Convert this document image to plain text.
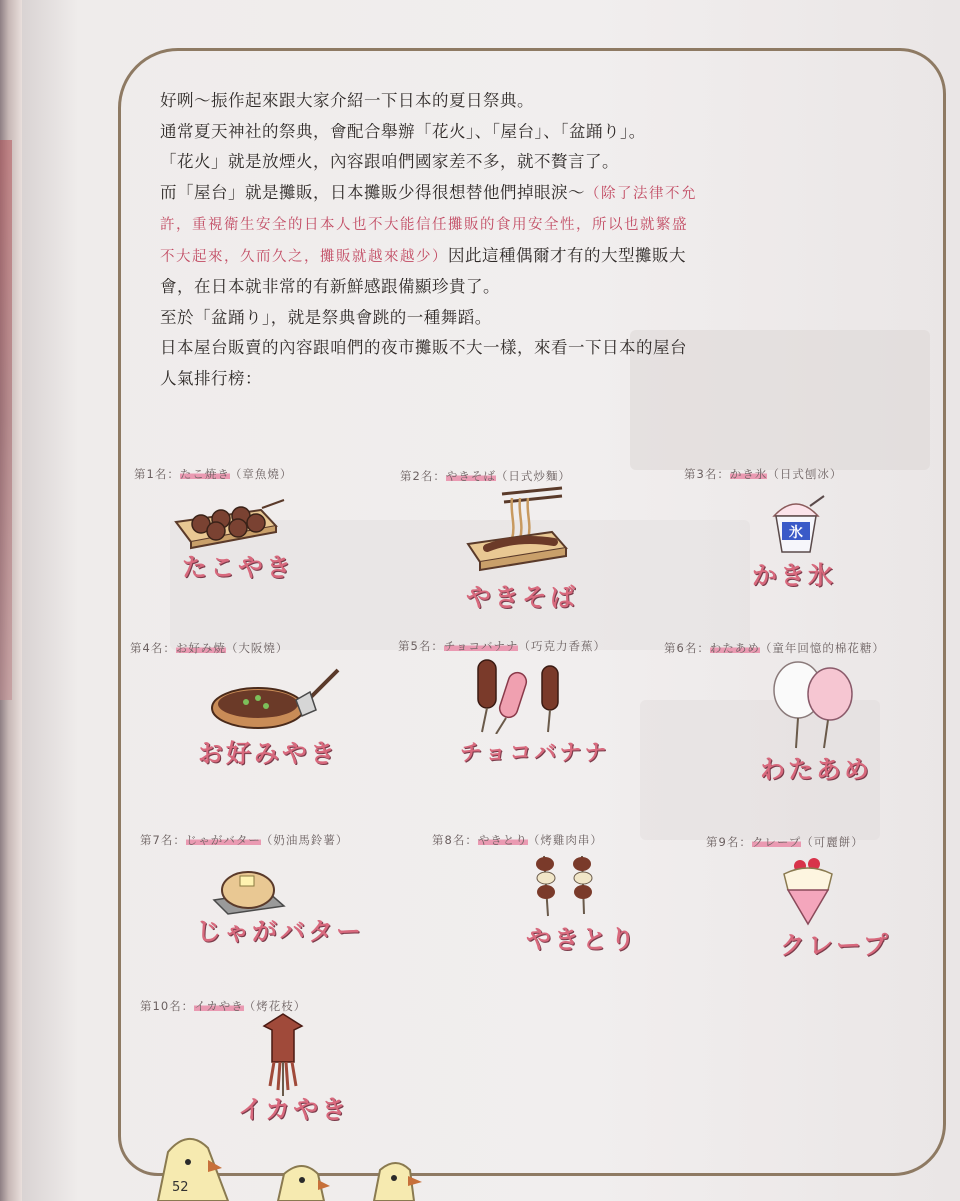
好咧～振作起來跟大家介紹一下日本的夏日祭典。

通常夏天神社的祭典，會配合舉辦「花火」、「屋台」、「盆踊り」。

「花火」就是放煙火，內容跟咱們國家差不多，就不贅言了。

而「屋台」就是攤販，日本攤販少得很想替他們掉眼淚～（除了法律不允許，重視衛生安全的日本人也不大能信任攤販的食用安全性，所以也就繁盛不大起來，久而久之，攤販就越來越少）因此這種偶爾才有的大型攤販大會，在日本就非常的有新鮮感跟備顯珍貴了。

至於「盆踊り」，就是祭典會跳的一種舞蹈。

日本屋台販賣的內容跟咱們的夜市攤販不大一樣，來看一下日本的屋台人氣排行榜：

第1名：たこ焼き（章魚燒）
たこやき
第2名：やきそば（日式炒麵）
やきそば
第3名：かき氷（日式刨冰）
氷
かき氷
第4名：お好み焼（大阪燒）
お好みやき
第5名：チョコバナナ（巧克力香蕉）
チョコバナナ
第6名：わたあめ（童年回憶的棉花糖）
わたあめ
第7名：じゃがバター（奶油馬鈴薯）
じゃがバター
第8名：やきとり（烤雞肉串）
やきとり
第9名：クレープ（可麗餅）
クレープ
第10名：イカやき（烤花枝）
イカやき
52
